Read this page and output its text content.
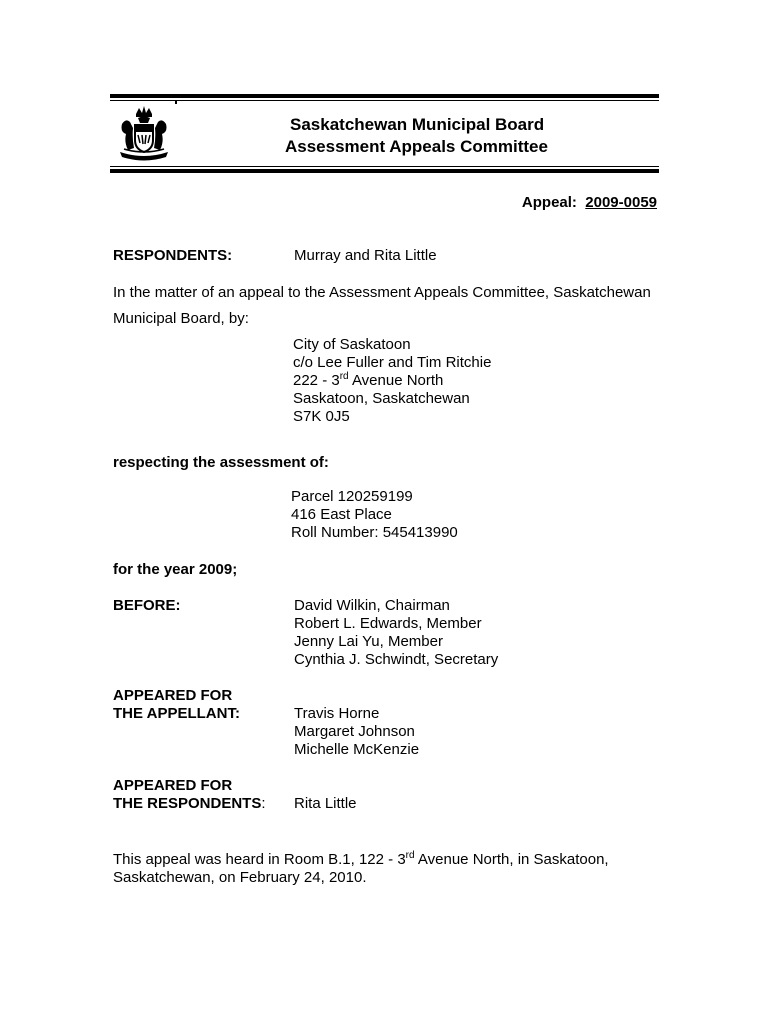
Saskatchewan Municipal Board
Assessment Appeals Committee
Appeal: 2009-0059
RESPONDENTS:	Murray and Rita Little
In the matter of an appeal to the Assessment Appeals Committee, Saskatchewan
Municipal Board, by:
City of Saskatoon
c/o Lee Fuller and Tim Ritchie
222 - 3rd Avenue North
Saskatoon, Saskatchewan
S7K 0J5
respecting the assessment of:
Parcel 120259199
416 East Place
Roll Number: 545413990
for the year 2009;
BEFORE:	David Wilkin, Chairman
Robert L. Edwards, Member
Jenny Lai Yu, Member
Cynthia J. Schwindt, Secretary
APPEARED FOR
THE APPELLANT:	Travis Horne
Margaret Johnson
Michelle McKenzie
APPEARED FOR
THE RESPONDENTS: Rita Little
This appeal was heard in Room B.1, 122 - 3rd Avenue North, in Saskatoon,
Saskatchewan, on February 24, 2010.
